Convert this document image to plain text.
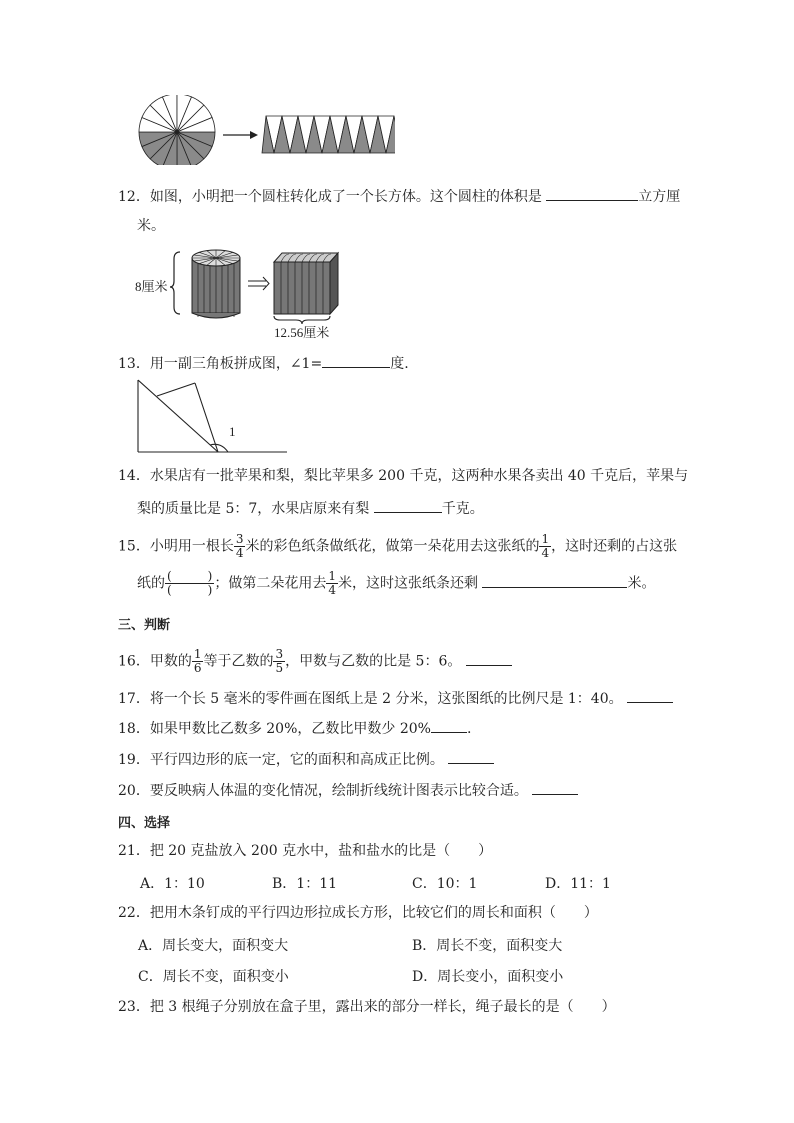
12．如图，小明把一个圆柱转化成了一个长方体。这个圆柱的体积是	立方厘
米。
8厘米
12.56厘米
13．用一副三角板拼成图，∠1=	度.
1
14．水果店有一批苹果和梨，梨比苹果多 200 千克，这两种水果各卖出 40 千克后，苹果与
梨的质量比是 5：7，水果店原来有梨	千克。
15．小明用一根长 $\frac{3}{4}$ 米的彩色纸条做纸花，做第一朵花用去这张纸的 $\frac{1}{4}$ ，这时还剩的占这张
纸的 $\frac{( )}{( )}$ ；做第二朵花用去 $\frac{1}{4}$ 米，这时这张纸条还剩	米。
三、判断
16．甲数的 $\frac{1}{6}$ 等于乙数的 $\frac{3}{5}$ ，甲数与乙数的比是 5：6。
17．将一个长 5 毫米的零件画在图纸上是 2 分米，这张图纸的比例尺是 1：40。
18．如果甲数比乙数多 20%，乙数比甲数少 20%	.
19．平行四边形的底一定，它的面积和高成正比例。
20．要反映病人体温的变化情况，绘制折线统计图表示比较合适。
四、选择
21．把 20 克盐放入 200 克水中，盐和盐水的比是（　　）
A．1：10	B．1：11	C．10：1	D．11：1
22．把用木条钉成的平行四边形拉成长方形，比较它们的周长和面积（　　）
A．周长变大，面积变大	B．周长不变，面积变大
C．周长不变，面积变小	D．周长变小，面积变小
23．把 3 根绳子分别放在盒子里，露出来的部分一样长，绳子最长的是（　　）
